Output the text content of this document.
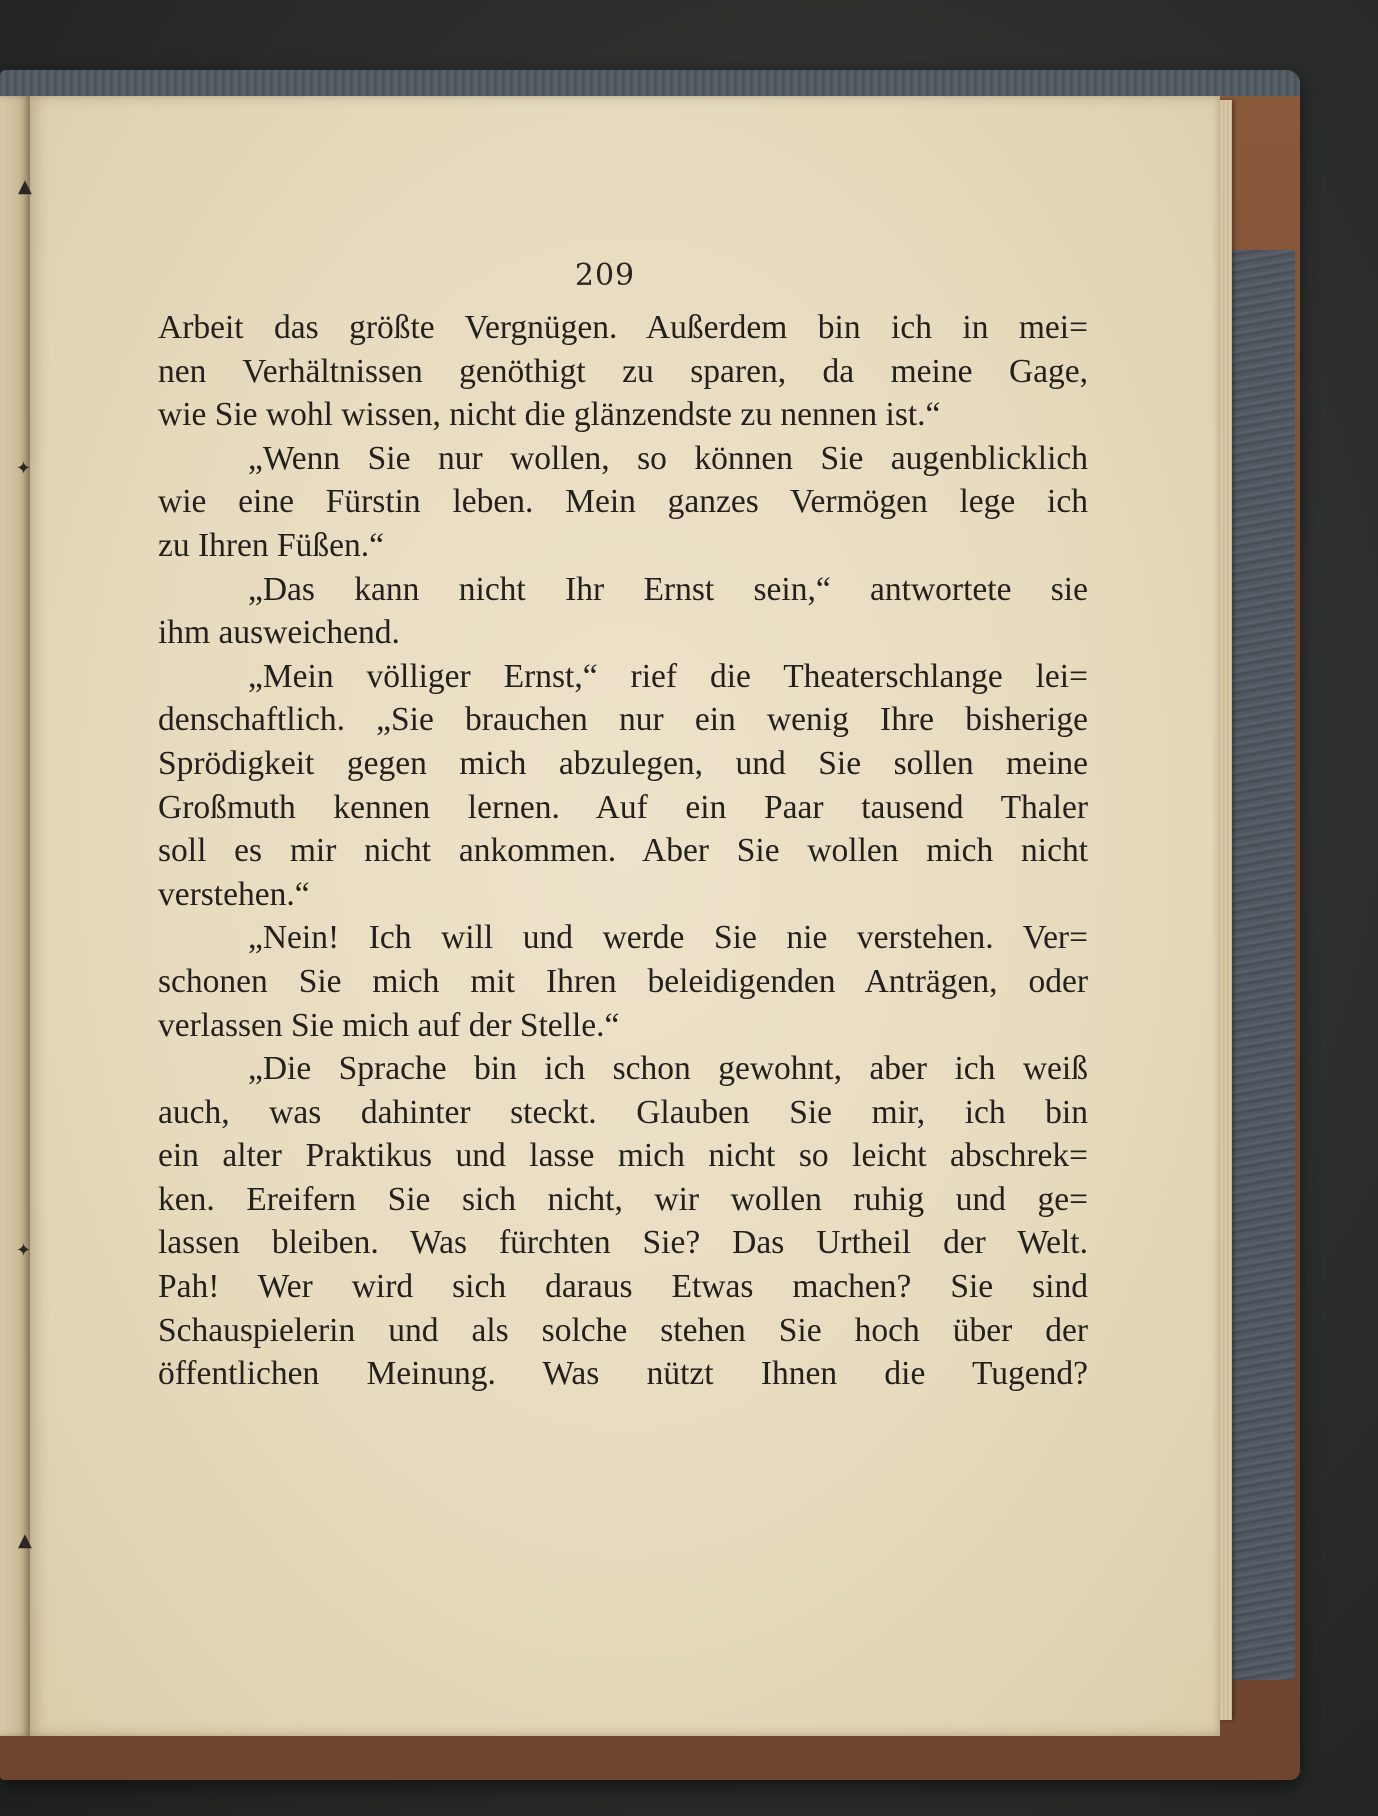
209
Arbeit das größte Vergnügen. Außerdem bin ich in mei=
nen Verhältnissen genöthigt zu sparen, da meine Gage,
wie Sie wohl wissen, nicht die glänzendste zu nennen ist.“
„Wenn Sie nur wollen, so können Sie augenblicklich
wie eine Fürstin leben. Mein ganzes Vermögen lege ich
zu Ihren Füßen.“
„Das kann nicht Ihr Ernst sein,“ antwortete sie
ihm ausweichend.
„Mein völliger Ernst,“ rief die Theaterschlange lei=
denschaftlich. „Sie brauchen nur ein wenig Ihre bisherige
Sprödigkeit gegen mich abzulegen, und Sie sollen meine
Großmuth kennen lernen. Auf ein Paar tausend Thaler
soll es mir nicht ankommen. Aber Sie wollen mich nicht
verstehen.“
„Nein! Ich will und werde Sie nie verstehen. Ver=
schonen Sie mich mit Ihren beleidigenden Anträgen, oder
verlassen Sie mich auf der Stelle.“
„Die Sprache bin ich schon gewohnt, aber ich weiß
auch, was dahinter steckt. Glauben Sie mir, ich bin
ein alter Praktikus und lasse mich nicht so leicht abschrek=
ken. Ereifern Sie sich nicht, wir wollen ruhig und ge=
lassen bleiben. Was fürchten Sie? Das Urtheil der Welt.
Pah! Wer wird sich daraus Etwas machen? Sie sind
Schauspielerin und als solche stehen Sie hoch über der
öffentlichen Meinung. Was nützt Ihnen die Tugend?
▲
✦
✦
▲
